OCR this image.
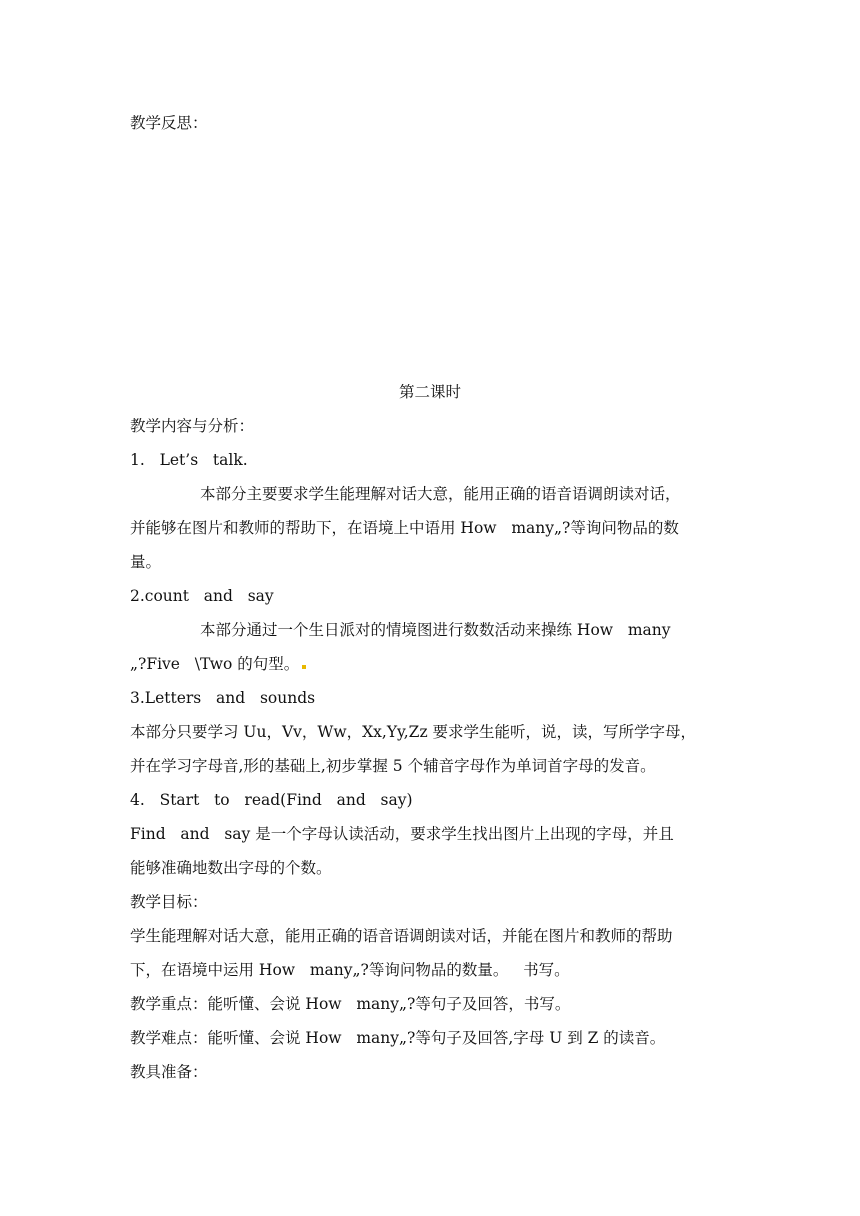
教学反思：
第二课时
教学内容与分析：
1.   Let’s   talk.
本部分主要要求学生能理解对话大意，能用正确的语音语调朗读对话，
并能够在图片和教师的帮助下，在语境上中语用 How   many„?等询问物品的数
量。
2.count   and   say
本部分通过一个生日派对的情境图进行数数活动来操练 How   many
„?Five   \Two 的句型。
3.Letters   and   sounds
本部分只要学习 Uu，Vv，Ww，Xx,Yy,Zz 要求学生能听，说，读，写所学字母，
并在学习字母音,形的基础上,初步掌握 5 个辅音字母作为单词首字母的发音。
4.   Start   to   read(Find   and   say)
Find   and   say 是一个字母认读活动，要求学生找出图片上出现的字母，并且
能够准确地数出字母的个数。
教学目标：
学生能理解对话大意，能用正确的语音语调朗读对话，并能在图片和教师的帮助
下，在语境中运用 How   many„?等询问物品的数量。   书写。
教学重点：能听懂、会说 How   many„?等句子及回答，书写。
教学难点：能听懂、会说 How   many„?等句子及回答,字母 U 到 Z 的读音。
教具准备：
